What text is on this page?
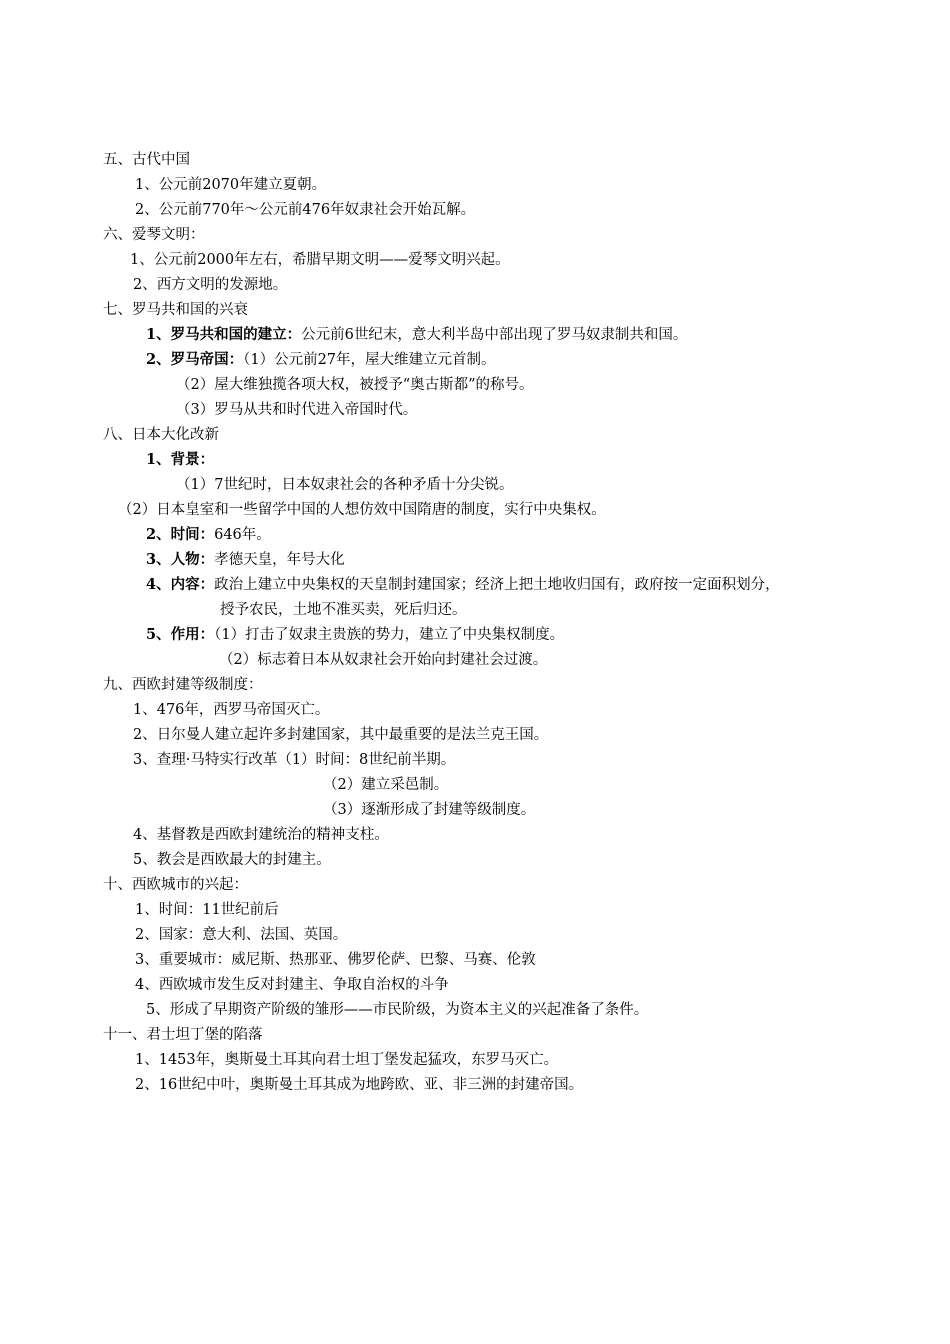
五、古代中国
1、公元前2070年建立夏朝。
2、公元前770年～公元前476年奴隶社会开始瓦解。
六、爱琴文明：
1、公元前2000年左右，希腊早期文明——爱琴文明兴起。
2、西方文明的发源地。
七、罗马共和国的兴衰
1、罗马共和国的建立：公元前6世纪末，意大利半岛中部出现了罗马奴隶制共和国。
2、罗马帝国：（1）公元前27年，屋大维建立元首制。
（2）屋大维独揽各项大权，被授予“奥古斯都”的称号。
（3）罗马从共和时代进入帝国时代。
八、日本大化改新
1、背景：
（1）7世纪时，日本奴隶社会的各种矛盾十分尖锐。
（2）日本皇室和一些留学中国的人想仿效中国隋唐的制度，实行中央集权。
2、时间：646年。
3、人物：孝德天皇，年号大化
4、内容：政治上建立中央集权的天皇制封建国家；经济上把土地收归国有，政府按一定面积划分，
授予农民，土地不准买卖，死后归还。
5、作用：（1）打击了奴隶主贵族的势力，建立了中央集权制度。
（2）标志着日本从奴隶社会开始向封建社会过渡。
九、西欧封建等级制度：
1、476年，西罗马帝国灭亡。
2、日尔曼人建立起许多封建国家，其中最重要的是法兰克王国。
3、查理·马特实行改革（1）时间：8世纪前半期。
（2）建立采邑制。
（3）逐渐形成了封建等级制度。
4、基督教是西欧封建统治的精神支柱。
5、教会是西欧最大的封建主。
十、西欧城市的兴起：
1、时间：11世纪前后
2、国家：意大利、法国、英国。
3、重要城市：威尼斯、热那亚、佛罗伦萨、巴黎、马赛、伦敦
4、西欧城市发生反对封建主、争取自治权的斗争
5、形成了早期资产阶级的雏形——市民阶级，为资本主义的兴起准备了条件。
十一、君士坦丁堡的陷落
1、1453年，奥斯曼土耳其向君士坦丁堡发起猛攻，东罗马灭亡。
2、16世纪中叶，奥斯曼土耳其成为地跨欧、亚、非三洲的封建帝国。
